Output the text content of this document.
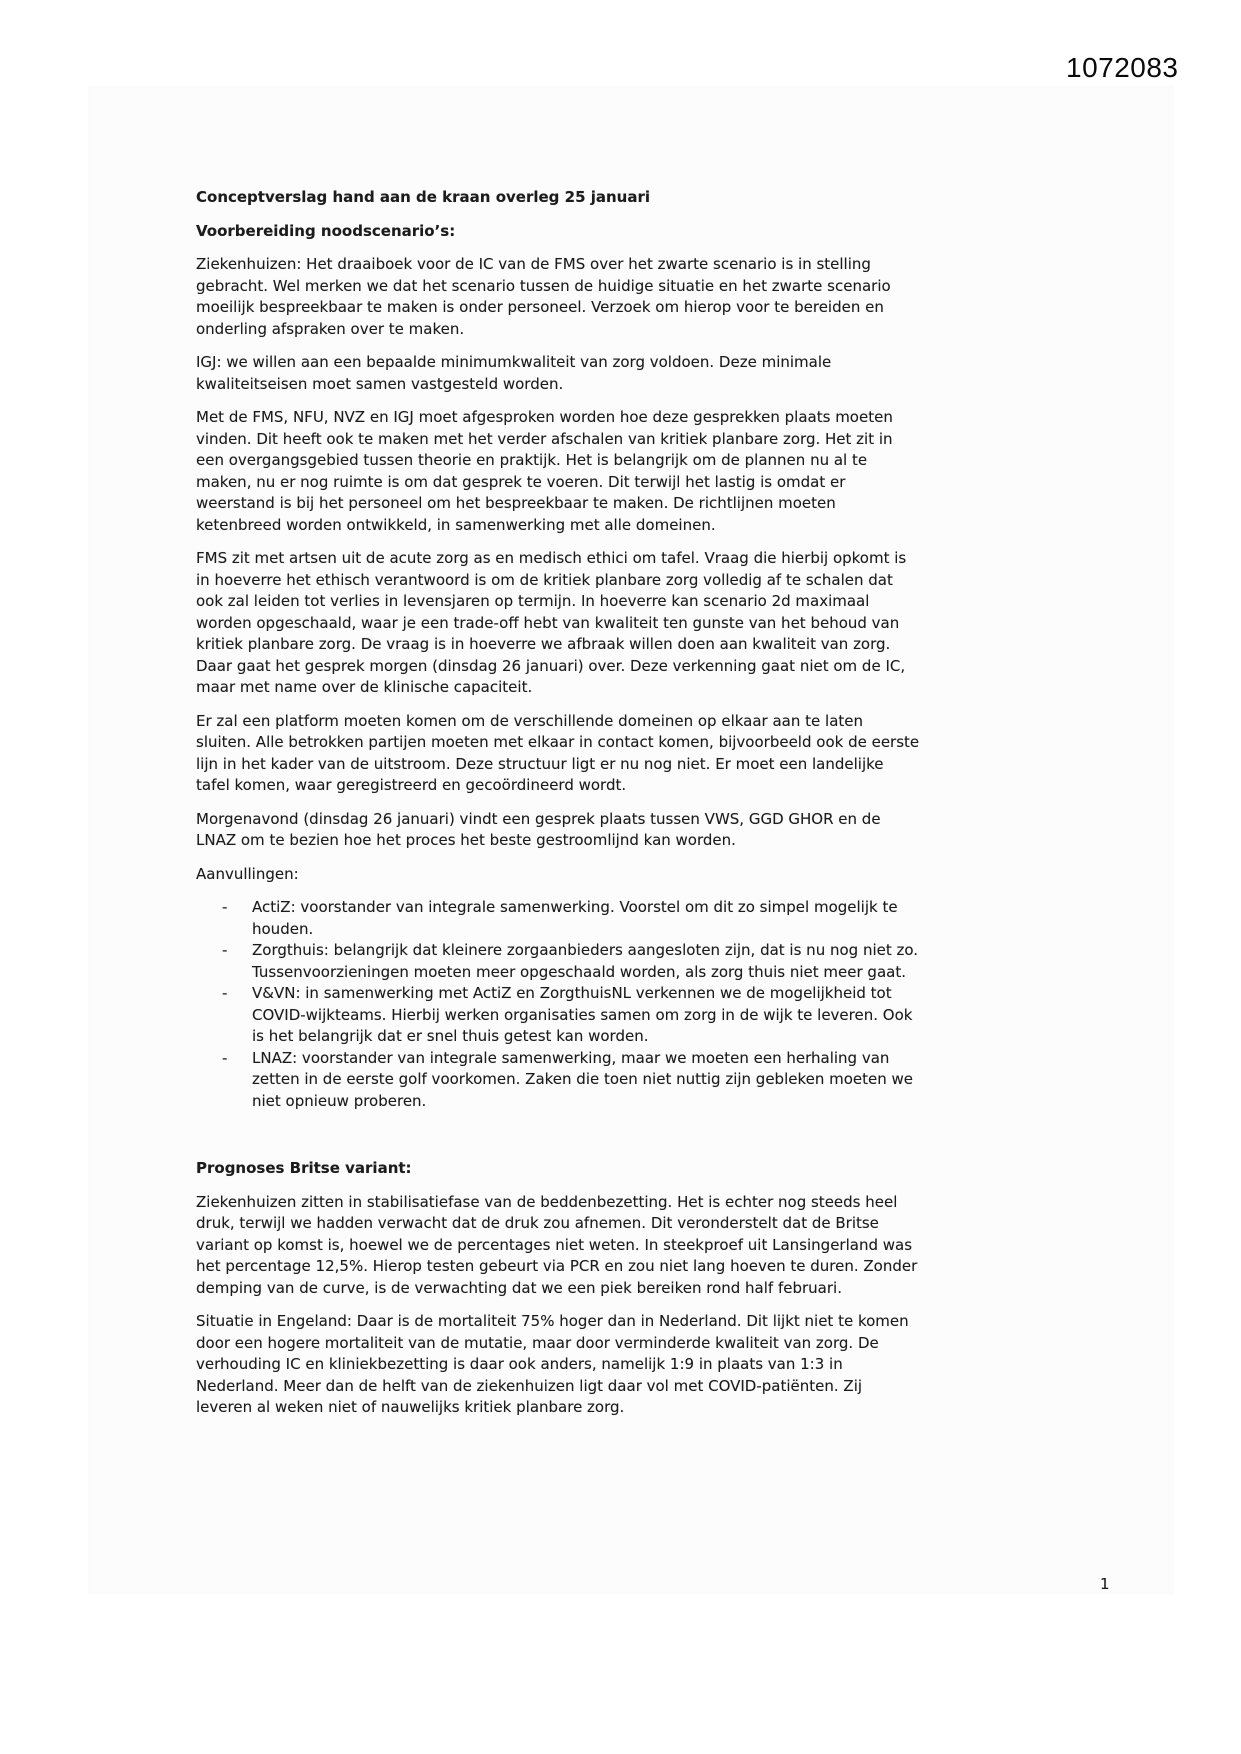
1072083

Conceptverslag hand aan de kraan overleg 25 januari

Voorbereiding noodscenario’s:

Ziekenhuizen: Het draaiboek voor de IC van de FMS over het zwarte scenario is in stelling gebracht. Wel merken we dat het scenario tussen de huidige situatie en het zwarte scenario moeilijk bespreekbaar te maken is onder personeel. Verzoek om hierop voor te bereiden en onderling afspraken over te maken.

IGJ: we willen aan een bepaalde minimumkwaliteit van zorg voldoen. Deze minimale kwaliteitseisen moet samen vastgesteld worden.

Met de FMS, NFU, NVZ en IGJ moet afgesproken worden hoe deze gesprekken plaats moeten vinden. Dit heeft ook te maken met het verder afschalen van kritiek planbare zorg. Het zit in een overgangsgebied tussen theorie en praktijk. Het is belangrijk om de plannen nu al te maken, nu er nog ruimte is om dat gesprek te voeren. Dit terwijl het lastig is omdat er weerstand is bij het personeel om het bespreekbaar te maken. De richtlijnen moeten ketenbreed worden ontwikkeld, in samenwerking met alle domeinen.

FMS zit met artsen uit de acute zorg as en medisch ethici om tafel. Vraag die hierbij opkomt is in hoeverre het ethisch verantwoord is om de kritiek planbare zorg volledig af te schalen dat ook zal leiden tot verlies in levensjaren op termijn. In hoeverre kan scenario 2d maximaal worden opgeschaald, waar je een trade-off hebt van kwaliteit ten gunste van het behoud van kritiek planbare zorg. De vraag is in hoeverre we afbraak willen doen aan kwaliteit van zorg. Daar gaat het gesprek morgen (dinsdag 26 januari) over. Deze verkenning gaat niet om de IC, maar met name over de klinische capaciteit.

Er zal een platform moeten komen om de verschillende domeinen op elkaar aan te laten sluiten. Alle betrokken partijen moeten met elkaar in contact komen, bijvoorbeeld ook de eerste lijn in het kader van de uitstroom. Deze structuur ligt er nu nog niet. Er moet een landelijke tafel komen, waar geregistreerd en gecoördineerd wordt.

Morgenavond (dinsdag 26 januari) vindt een gesprek plaats tussen VWS, GGD GHOR en de LNAZ om te bezien hoe het proces het beste gestroomlijnd kan worden.

Aanvullingen:

-	ActiZ: voorstander van integrale samenwerking. Voorstel om dit zo simpel mogelijk te houden.
-	Zorgthuis: belangrijk dat kleinere zorgaanbieders aangesloten zijn, dat is nu nog niet zo. Tussenvoorzieningen moeten meer opgeschaald worden, als zorg thuis niet meer gaat.
-	V&VN: in samenwerking met ActiZ en ZorgthuisNL verkennen we de mogelijkheid tot COVID-wijkteams. Hierbij werken organisaties samen om zorg in de wijk te leveren. Ook is het belangrijk dat er snel thuis getest kan worden.
-	LNAZ: voorstander van integrale samenwerking, maar we moeten een herhaling van zetten in de eerste golf voorkomen. Zaken die toen niet nuttig zijn gebleken moeten we niet opnieuw proberen.

Prognoses Britse variant:

Ziekenhuizen zitten in stabilisatiefase van de beddenbezetting. Het is echter nog steeds heel druk, terwijl we hadden verwacht dat de druk zou afnemen. Dit veronderstelt dat de Britse variant op komst is, hoewel we de percentages niet weten. In steekproef uit Lansingerland was het percentage 12,5%. Hierop testen gebeurt via PCR en zou niet lang hoeven te duren. Zonder demping van de curve, is de verwachting dat we een piek bereiken rond half februari.

Situatie in Engeland: Daar is de mortaliteit 75% hoger dan in Nederland. Dit lijkt niet te komen door een hogere mortaliteit van de mutatie, maar door verminderde kwaliteit van zorg. De verhouding IC en kliniekbezetting is daar ook anders, namelijk 1:9 in plaats van 1:3 in Nederland. Meer dan de helft van de ziekenhuizen ligt daar vol met COVID-patiënten. Zij leveren al weken niet of nauwelijks kritiek planbare zorg.

1
